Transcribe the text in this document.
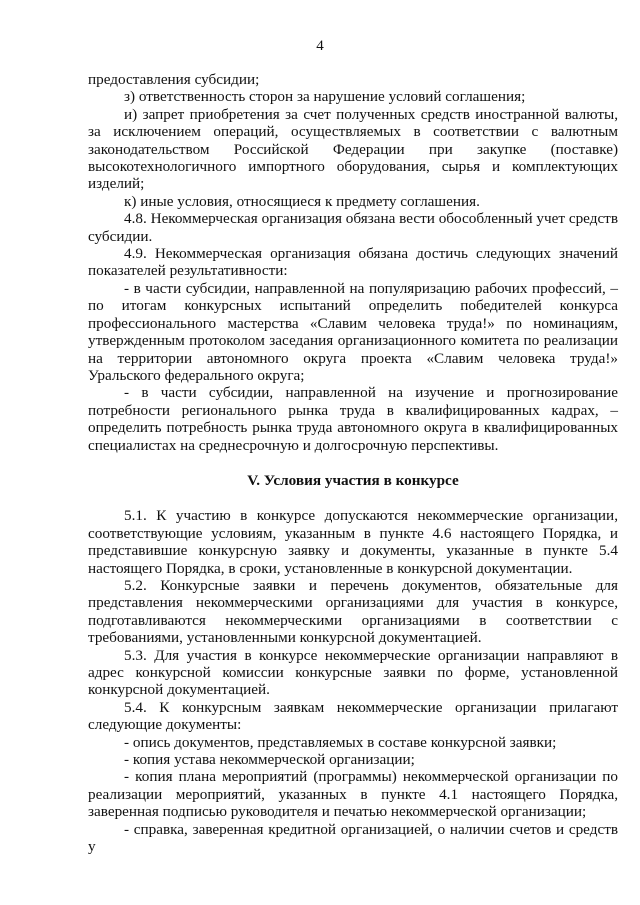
4

предоставления субсидии;

з) ответственность сторон за нарушение условий соглашения;

и) запрет приобретения за счет полученных средств иностранной валюты, за исключением операций, осуществляемых в соответствии с валютным законодательством Российской Федерации при закупке (поставке) высокотехнологичного импортного оборудования, сырья и комплектующих изделий;

к) иные условия, относящиеся к предмету соглашения.

4.8. Некоммерческая организация обязана вести обособленный учет средств субсидии.

4.9. Некоммерческая организация обязана достичь следующих значений показателей результативности:

- в части субсидии, направленной на популяризацию рабочих профессий, – по итогам конкурсных испытаний определить победителей конкурса профессионального мастерства «Славим человека труда!» по номинациям, утвержденным протоколом заседания организационного комитета по реализации на территории автономного округа проекта «Славим человека труда!» Уральского федерального округа;

- в части субсидии, направленной на изучение и прогнозирование потребности регионального рынка труда в квалифицированных кадрах, – определить потребность рынка труда автономного округа в квалифицированных специалистах на среднесрочную и долгосрочную перспективы.

V. Условия участия в конкурсе

5.1. К участию в конкурсе допускаются некоммерческие организации, соответствующие условиям, указанным в пункте 4.6 настоящего Порядка, и представившие конкурсную заявку и документы, указанные в пункте 5.4 настоящего Порядка, в сроки, установленные в конкурсной документации.

5.2. Конкурсные заявки и перечень документов, обязательные для представления некоммерческими организациями для участия в конкурсе, подготавливаются некоммерческими организациями в соответствии с требованиями, установленными конкурсной документацией.

5.3. Для участия в конкурсе некоммерческие организации направляют в адрес конкурсной комиссии конкурсные заявки по форме, установленной конкурсной документацией.

5.4. К конкурсным заявкам некоммерческие организации прилагают следующие документы:

- опись документов, представляемых в составе конкурсной заявки;

- копия устава некоммерческой организации;

- копия плана мероприятий (программы) некоммерческой организации по реализации мероприятий, указанных в пункте 4.1 настоящего Порядка, заверенная подписью руководителя и печатью некоммерческой организации;

- справка, заверенная кредитной организацией, о наличии счетов и средств у
